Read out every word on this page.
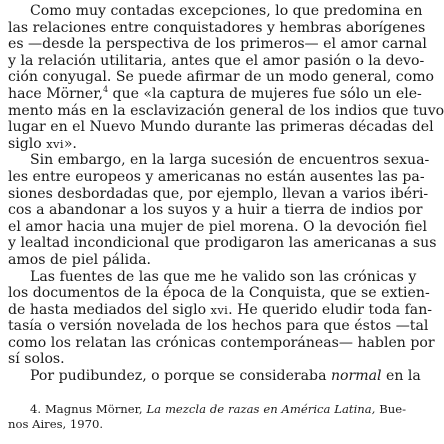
Como muy contadas excepciones, lo que predomina en
las relaciones entre conquistadores y hembras aborígenes
es —desde la perspectiva de los primeros— el amor carnal
y la relación utilitaria, antes que el amor pasión o la devo-
ción conyugal. Se puede afirmar de un modo general, como
hace Mörner,$^4$ que «la captura de mujeres fue sólo un ele-
mento más en la esclavización general de los indios que tuvo
lugar en el Nuevo Mundo durante las primeras décadas del
siglo xvi».
Sin embargo, en la larga sucesión de encuentros sexua-
les entre europeos y americanas no están ausentes las pa-
siones desbordadas que, por ejemplo, llevan a varios ibéri-
cos a abandonar a los suyos y a huir a tierra de indios por
el amor hacia una mujer de piel morena. O la devoción fiel
y lealtad incondicional que prodigaron las americanas a sus
amos de piel pálida.
Las fuentes de las que me he valido son las crónicas y
los documentos de la época de la Conquista, que se extien-
de hasta mediados del siglo xvi. He querido eludir toda fan-
tasía o versión novelada de los hechos para que éstos —tal
como los relatan las crónicas contemporáneas— hablen por
sí solos.
Por pudibundez, o porque se consideraba normal en la
4. Magnus Mörner, La mezcla de razas en América Latina, Bue-
nos Aires, 1970.
